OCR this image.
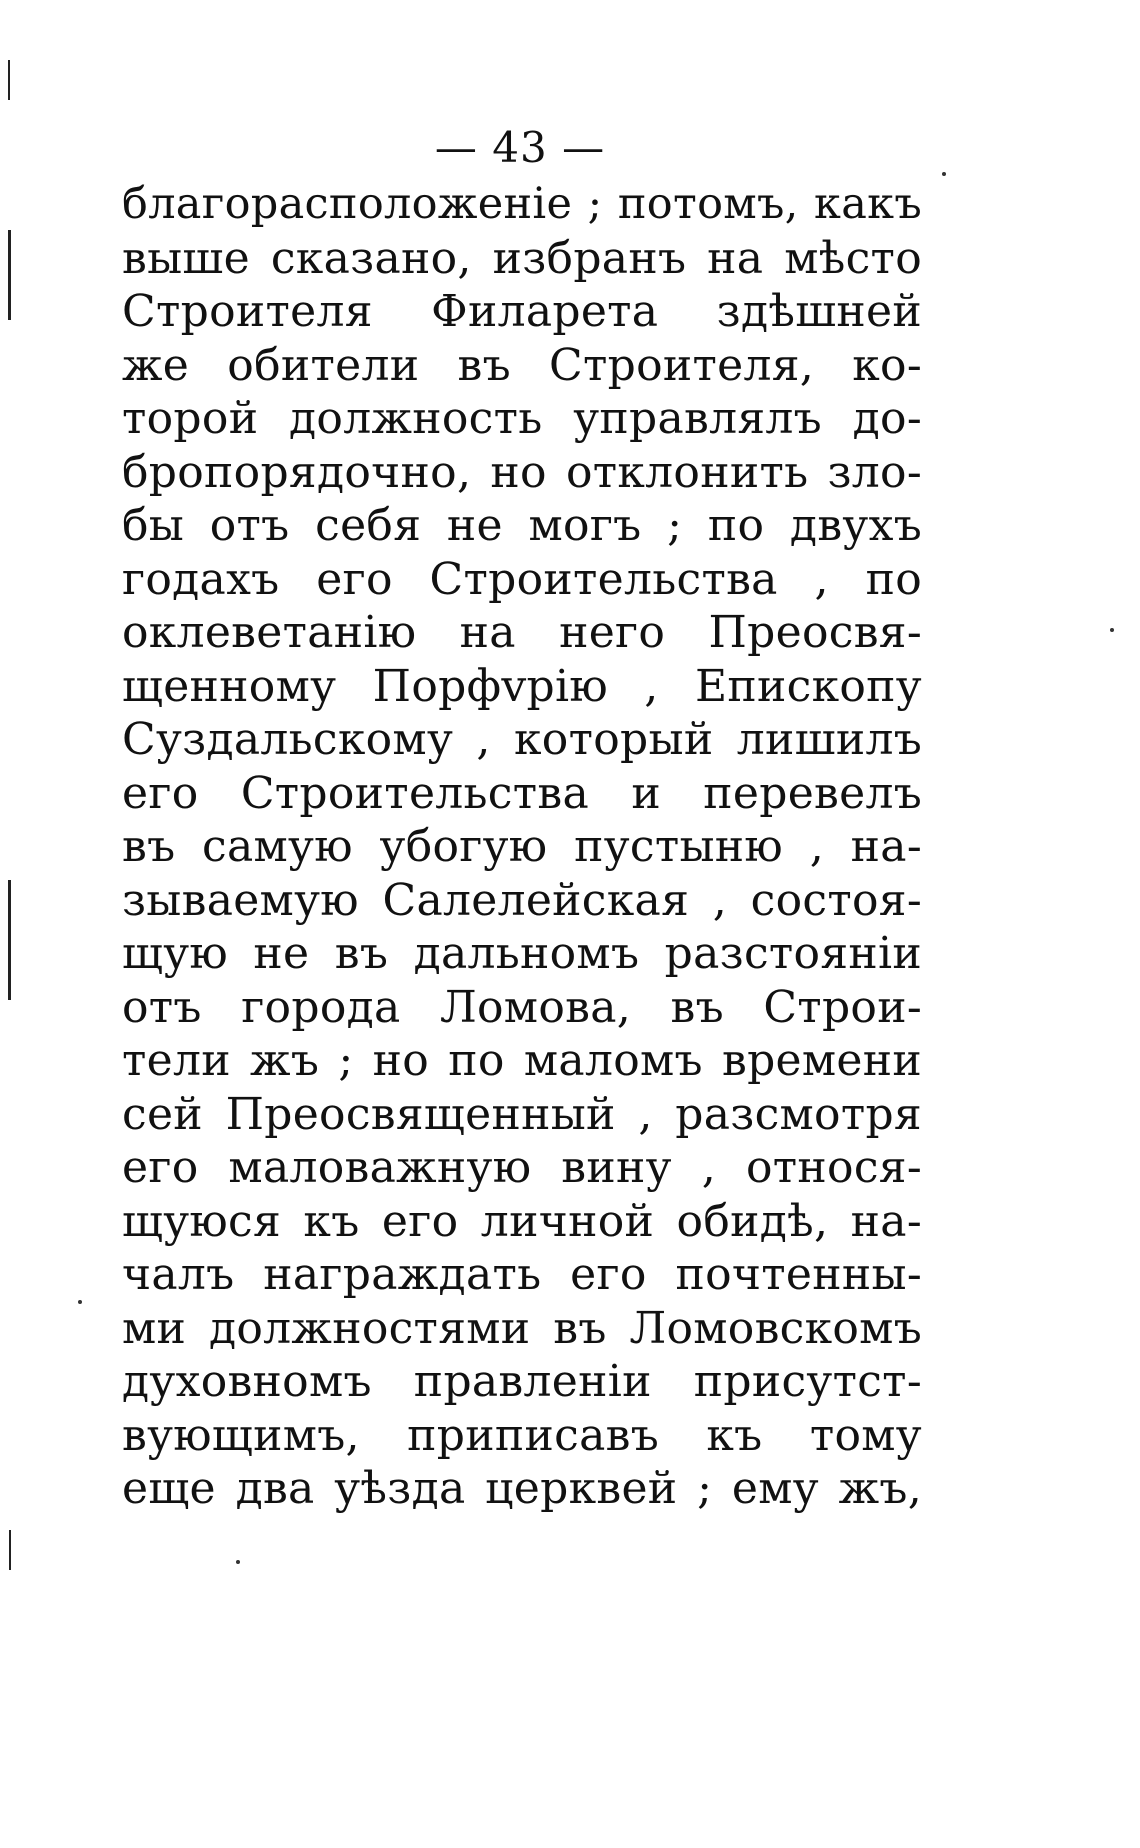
— 43 —
благорасположенiе ; потомъ, какъ
выше сказано, избранъ на мѣсто
Строителя Филарета здѣшней
же обители въ Строителя, ко-
торой должность управлялъ до-
бропорядочно, но отклонить зло-
бы отъ себя не могъ ; по двухъ
годахъ его Строительства , по
оклеветанiю на него Преосвя-
щенному Порфvрiю , Епископу
Суздальскому , который лишилъ
его Строительства и перевелъ
въ самую убогую пустыню , на-
зываемую Салелейская , состоя-
щую не въ дальномъ разстоянiи
отъ города Ломова, въ Строи-
тели жъ ; но по маломъ времени
сей Преосвященный , разсмотря
его маловажную вину , относя-
щуюся къ его личной обидѣ, на-
чалъ награждать его почтенны-
ми должностями въ Ломовскомъ
духовномъ правленiи присутст-
вующимъ, приписавъ къ тому
еще два уѣзда церквей ; ему жъ,
